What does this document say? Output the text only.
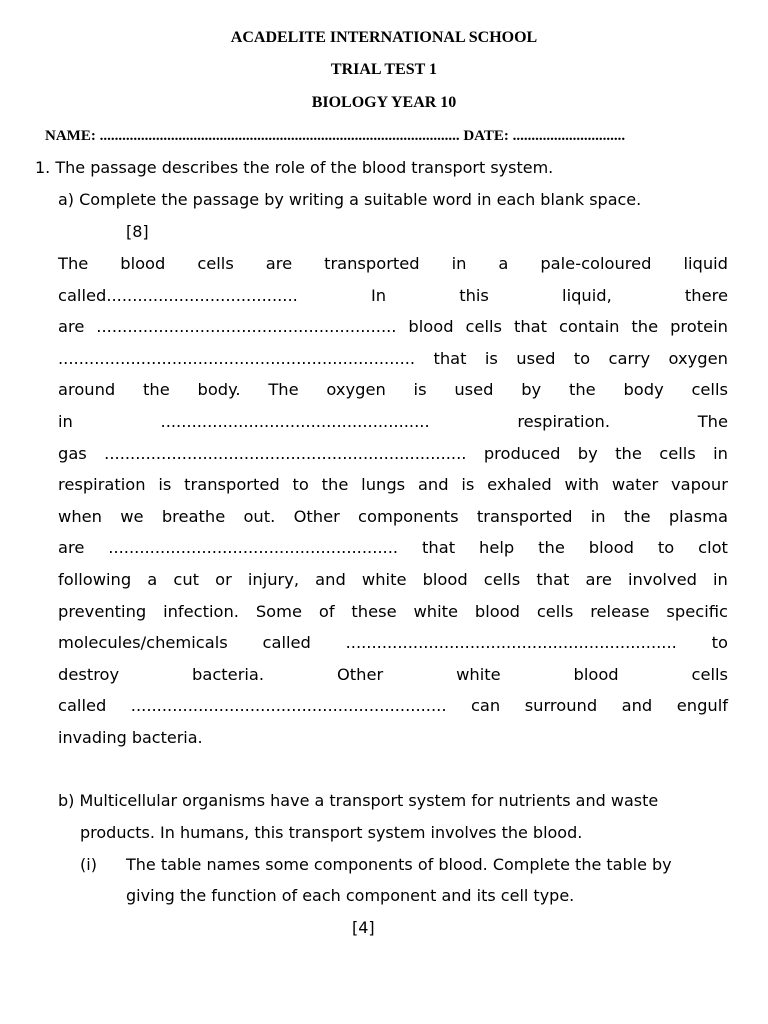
ACADELITE INTERNATIONAL SCHOOL
TRIAL TEST 1
BIOLOGY YEAR 10
NAME: ................................................................................................ DATE: ..............................
1. The passage describes the role of the blood transport system.
a) Complete the passage by writing a suitable word in each blank space.
[8]
The blood cells are transported in a pale-coloured liquid
called.....................................	In	this	liquid,	there
are .......................................................... blood cells that contain the protein
..................................................................... that is used to carry oxygen
around the body. The oxygen is used by the body cells
in	....................................................	respiration.	The
gas ...................................................................... produced by the cells in
respiration is transported to the lungs and is exhaled with water vapour
when we breathe out. Other components transported in the plasma
are ........................................................ that help the blood to clot
following a cut or injury, and white blood cells that are involved in
preventing infection. Some of these white blood cells release specific
molecules/chemicals called ................................................................ to
destroy	bacteria.	Other	white	blood	cells
called ............................................................. can surround and engulf
invading bacteria.
b) Multicellular organisms have a transport system for nutrients and waste
products. In humans, this transport system involves the blood.
(i) The table names some components of blood. Complete the table by
giving the function of each component and its cell type.
[4]
